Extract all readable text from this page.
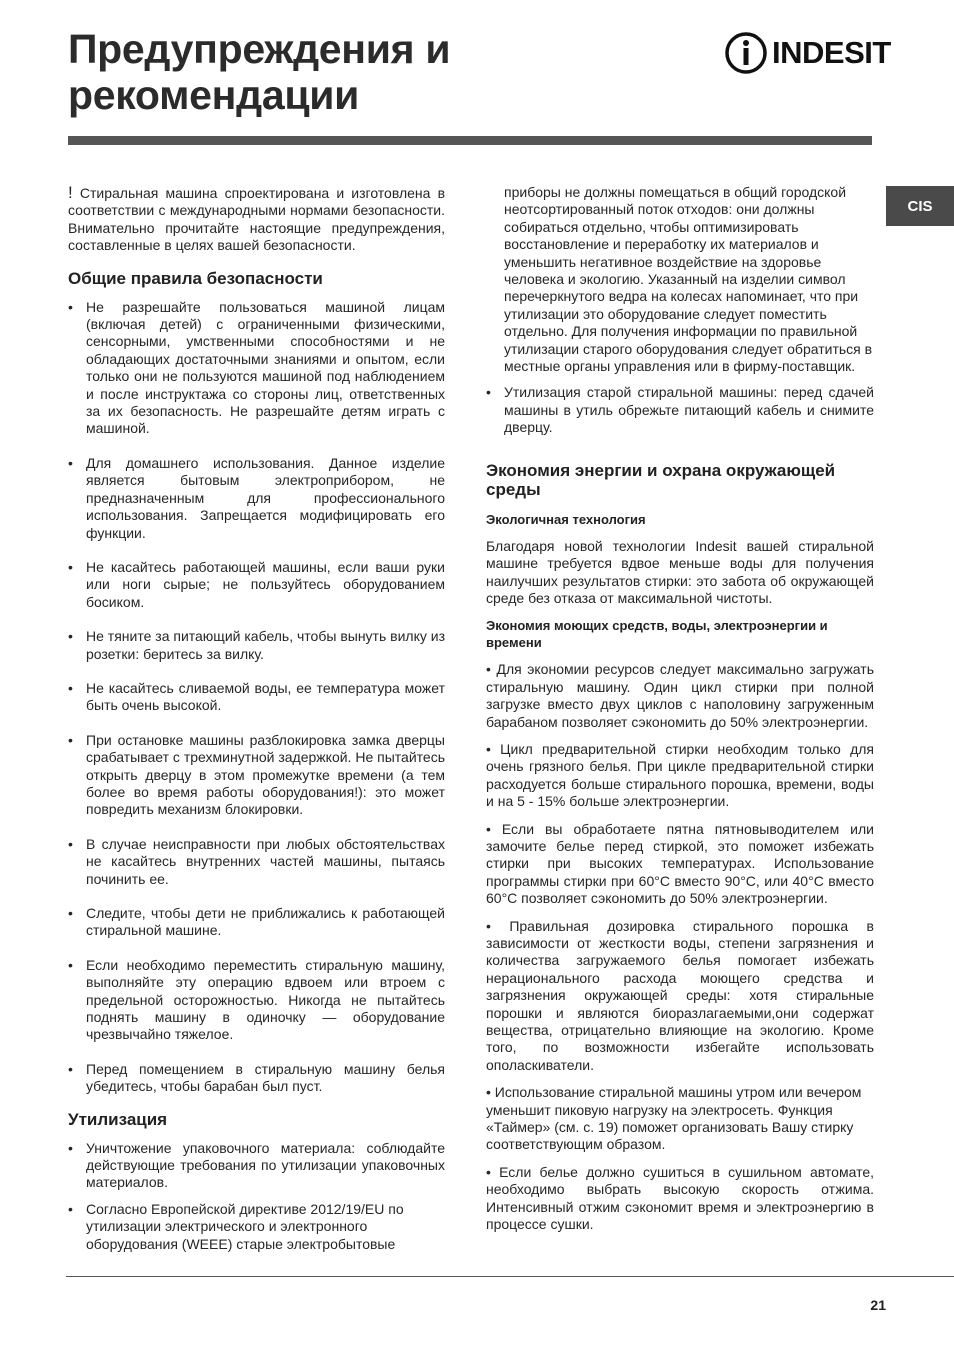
Предупреждения и
рекомендации
INDESIT
CIS

! Стиральная машина спроектирована и изготовлена в соответствии с международными нормами безопасности. Внимательно прочитайте настоящие предупреждения, составленные в целях вашей безопасности.

Общие правила безопасности
• Не разрешайте пользоваться машиной лицам (включая детей) с ограниченными физическими, сенсорными, умственными способностями и не обладающих достаточными знаниями и опытом, если только они не пользуются машиной под наблюдением и после инструктажа со стороны лиц, ответственных за их безопасность. Не разрешайте детям играть с машиной.
• Для домашнего использования. Данное изделие является бытовым электроприбором, не предназначенным для профессионального использования. Запрещается модифицировать его функции.
• Не касайтесь работающей машины, если ваши руки или ноги сырые; не пользуйтесь оборудованием босиком.
• Не тяните за питающий кабель, чтобы вынуть вилку из розетки: беритесь за вилку.
• Не касайтесь сливаемой воды, ее температура может быть очень высокой.
• При остановке машины разблокировка замка дверцы срабатывает с трехминутной задержкой. Не пытайтесь открыть дверцу в этом промежутке времени (а тем более во время работы оборудования!): это может повредить механизм блокировки.
• В случае неисправности при любых обстоятельствах не касайтесь внутренних частей машины, пытаясь починить ее.
• Следите, чтобы дети не приближались к работающей стиральной машине.
• Если необходимо переместить стиральную машину, выполняйте эту операцию вдвоем или втроем с предельной осторожностью. Никогда не пытайтесь поднять машину в одиночку — оборудование чрезвычайно тяжелое.
• Перед помещением в стиральную машину белья убедитесь, чтобы барабан был пуст.
Утилизация
• Уничтожение упаковочного материала: соблюдайте действующие требования по утилизации упаковочных материалов.
• Согласно Европейской директиве 2012/19/EU по утилизации электрического и электронного оборудования (WEEE) старые электробытовые

приборы не должны помещаться в общий городской неотсортированный поток отходов: они должны собираться отдельно, чтобы оптимизировать восстановление и переработку их материалов и уменьшить негативное воздействие на здоровье человека и экологию. Указанный на изделии символ перечеркнутого ведра на колесах напоминает, что при утилизации это оборудование следует поместить отдельно. Для получения информации по правильной утилизации старого оборудования следует обратиться в местные органы управления или в фирму-поставщик.

• Утилизация старой стиральной машины: перед сдачей машины в утиль обрежьте питающий кабель и снимите дверцу.
Экономия энергии и охрана окружающей среды
Экологичная технология

Благодаря новой технологии Indesit вашей стиральной машине требуется вдвое меньше воды для получения наилучших результатов стирки: это забота об окружающей среде без отказа от максимальной чистоты.

Экономия моющих средств, воды, электроэнергии и времени

• Для экономии ресурсов следует максимально загружать стиральную машину. Один цикл стирки при полной загрузке вместо двух циклов с наполовину загруженным барабаном позволяет сэкономить до 50% электроэнергии.

• Цикл предварительной стирки необходим только для очень грязного белья. При цикле предварительной стирки расходуется больше стирального порошка, времени, воды и на 5 - 15% больше электроэнергии.

• Если вы обработаете пятна пятновыводителем или замочите белье перед стиркой, это поможет избежать стирки при высоких температурах. Использование программы стирки при 60°C вместо 90°C, или 40°C вместо 60°C позволяет сэкономить до 50% электроэнергии.

• Правильная дозировка стирального порошка в зависимости от жесткости воды, степени загрязнения и количества загружаемого белья помогает избежать нерационального расхода моющего средства и загрязнения окружающей среды: хотя стиральные порошки и являются биоразлагаемыми,они содержат вещества, отрицательно влияющие на экологию. Кроме того, по возможности избегайте использовать ополаскиватели.

• Использование стиральной машины утром или вечером уменьшит пиковую нагрузку на электросеть. Функция «Таймер» (см. с. 19) поможет организовать Вашу стирку соответствующим образом.

• Если белье должно сушиться в сушильном автомате, необходимо выбрать высокую скорость отжима. Интенсивный отжим сэкономит время и электроэнергию в процессе сушки.

21
